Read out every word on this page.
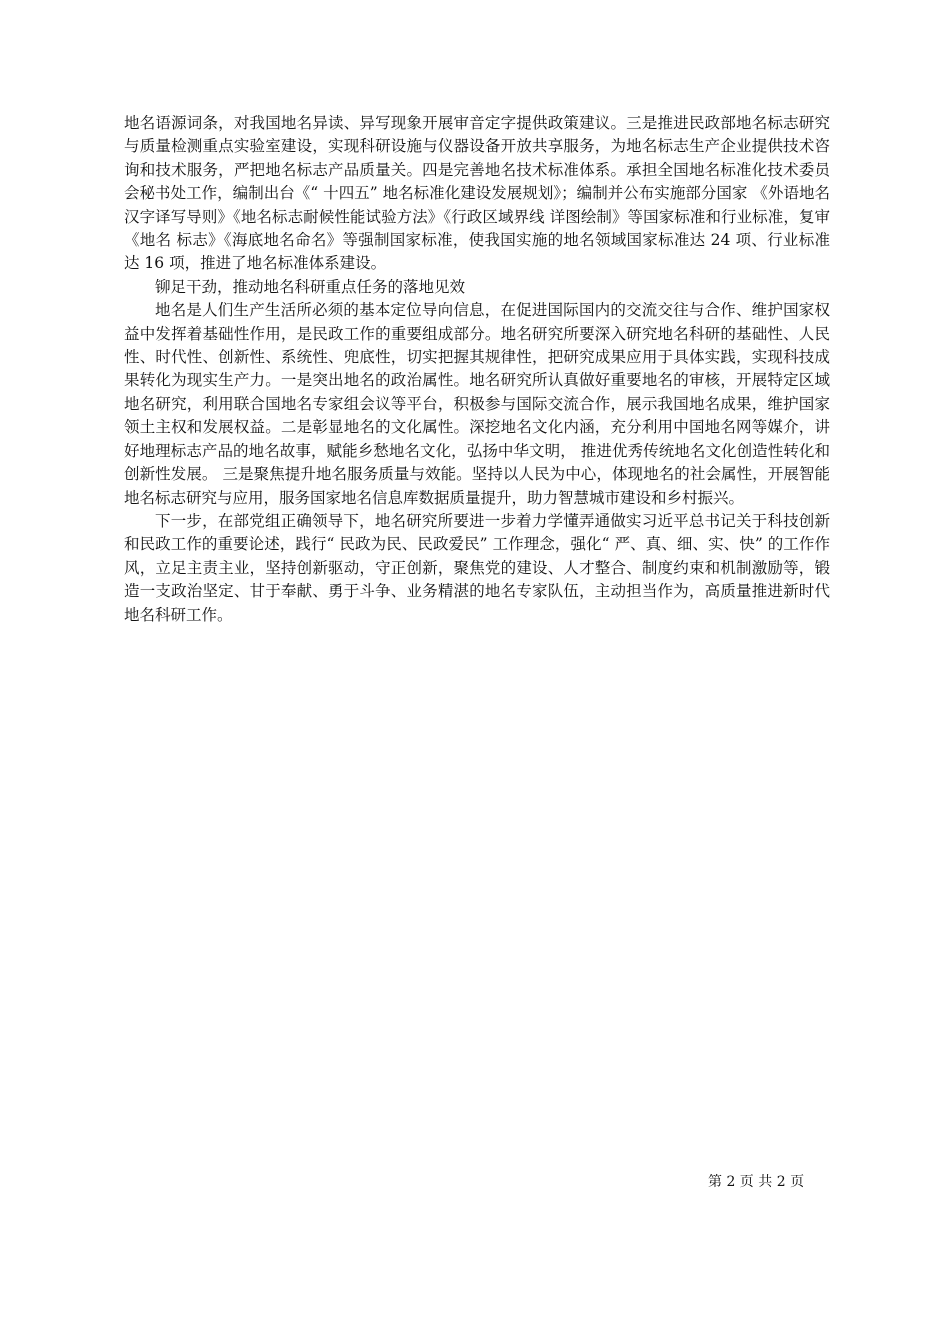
地名语源词条，对我国地名异读、异写现象开展审音定字提供政策建议。三是推进民政部地名标志研究与质量检测重点实验室建设，实现科研设施与仪器设备开放共享服务，为地名标志生产企业提供技术咨询和技术服务，严把地名标志产品质量关。四是完善地名技术标准体系。承担全国地名标准化技术委员会秘书处工作，编制出台《“ 十四五” 地名标准化建设发展规划》；编制并公布实施部分国家 《外语地名汉字译写导则》《地名标志耐候性能试验方法》《行政区域界线 详图绘制》等国家标准和行业标准，复审《地名 标志》《海底地名命名》等强制国家标准，使我国实施的地名领域国家标准达 24 项、行业标准达 16 项，推进了地名标准体系建设。

铆足干劲，推动地名科研重点任务的落地见效

地名是人们生产生活所必须的基本定位导向信息，在促进国际国内的交流交往与合作、维护国家权益中发挥着基础性作用，是民政工作的重要组成部分。地名研究所要深入研究地名科研的基础性、人民性、时代性、创新性、系统性、兜底性，切实把握其规律性，把研究成果应用于具体实践，实现科技成果转化为现实生产力。一是突出地名的政治属性。地名研究所认真做好重要地名的审核，开展特定区域地名研究，利用联合国地名专家组会议等平台，积极参与国际交流合作，展示我国地名成果，维护国家领土主权和发展权益。二是彰显地名的文化属性。深挖地名文化内涵，充分利用中国地名网等媒介，讲好地理标志产品的地名故事，赋能乡愁地名文化，弘扬中华文明， 推进优秀传统地名文化创造性转化和创新性发展。 三是聚焦提升地名服务质量与效能。坚持以人民为中心，体现地名的社会属性，开展智能地名标志研究与应用，服务国家地名信息库数据质量提升，助力智慧城市建设和乡村振兴。

下一步，在部党组正确领导下，地名研究所要进一步着力学懂弄通做实习近平总书记关于科技创新和民政工作的重要论述，践行“ 民政为民、民政爱民” 工作理念，强化“ 严、真、细、实、快” 的工作作风，立足主责主业，坚持创新驱动，守正创新，聚焦党的建设、人才整合、制度约束和机制激励等，锻造一支政治坚定、甘于奉献、勇于斗争、业务精湛的地名专家队伍，主动担当作为，高质量推进新时代地名科研工作。

第 2 页 共 2 页
